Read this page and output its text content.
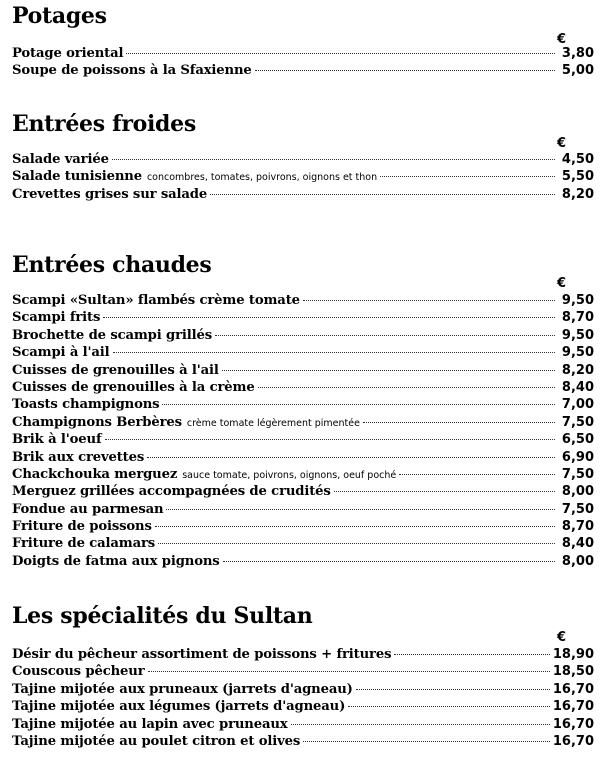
Potages
€
Potage oriental	3,80
Soupe de poissons à la Sfaxienne	5,00
Entrées froides
€
Salade variée	4,50
Salade tunisienne concombres, tomates, poivrons, oignons et thon	5,50
Crevettes grises sur salade	8,20
Entrées chaudes
€
Scampi «Sultan» flambés crème tomate	9,50
Scampi frits	8,70
Brochette de scampi grillés	9,50
Scampi à l'ail	9,50
Cuisses de grenouilles à l'ail	8,20
Cuisses de grenouilles à la crème	8,40
Toasts champignons	7,00
Champignons Berbères crème tomate légèrement pimentée	7,50
Brik à l'oeuf	6,50
Brik aux crevettes	6,90
Chackchouka merguez sauce tomate, poivrons, oignons, oeuf poché	7,50
Merguez grillées accompagnées de crudités	8,00
Fondue au parmesan	7,50
Friture de poissons	8,70
Friture de calamars	8,40
Doigts de fatma aux pignons	8,00
Les spécialités du Sultan
€
Désir du pêcheur assortiment de poissons + fritures	18,90
Couscous pêcheur	18,50
Tajine mijotée aux pruneaux (jarrets d'agneau)	16,70
Tajine mijotée aux légumes (jarrets d'agneau)	16,70
Tajine mijotée au lapin avec pruneaux	16,70
Tajine mijotée au poulet citron et olives	16,70
